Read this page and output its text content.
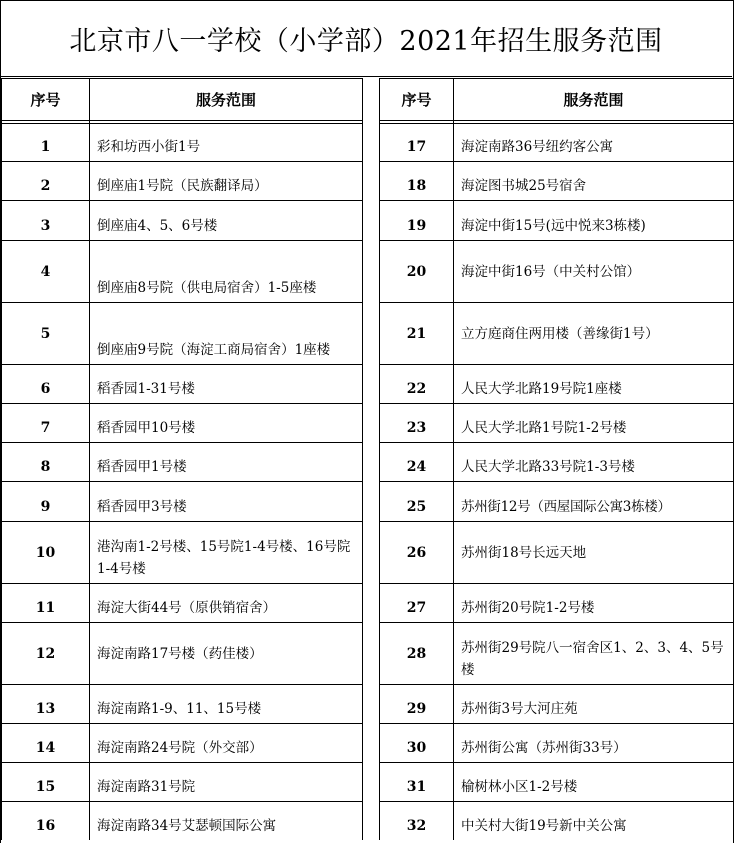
北京市八一学校（小学部）2021年招生服务范围
序号	服务范围

1	彩和坊西小街1号
2	倒座庙1号院（民族翻译局）
3	倒座庙4、5、6号楼
4	倒座庙8号院（供电局宿舍）1-5座楼
5	倒座庙9号院（海淀工商局宿舍）1座楼
6	稻香园1-31号楼
7	稻香园甲10号楼
8	稻香园甲1号楼
9	稻香园甲3号楼
10	港沟南1-2号楼、15号院1-4号楼、16号院1-4号楼
11	海淀大街44号（原供销宿舍）
12	海淀南路17号楼（药佳楼）
13	海淀南路1-9、11、15号楼
14	海淀南路24号院（外交部）
15	海淀南路31号院
16	海淀南路34号艾瑟顿国际公寓
序号	服务范围

17	海淀南路36号纽约客公寓
18	海淀图书城25号宿舍
19	海淀中街15号(远中悦来3栋楼)
20	海淀中街16号（中关村公馆）
21	立方庭商住两用楼（善缘街1号）
22	人民大学北路19号院1座楼
23	人民大学北路1号院1-2号楼
24	人民大学北路33号院1-3号楼
25	苏州街12号（西屋国际公寓3栋楼）
26	苏州街18号长远天地
27	苏州街20号院1-2号楼
28	苏州街29号院八一宿舍区1、2、3、4、5号楼
29	苏州街3号大河庄苑
30	苏州街公寓（苏州街33号）
31	榆树林小区1-2号楼
32	中关村大街19号新中关公寓
